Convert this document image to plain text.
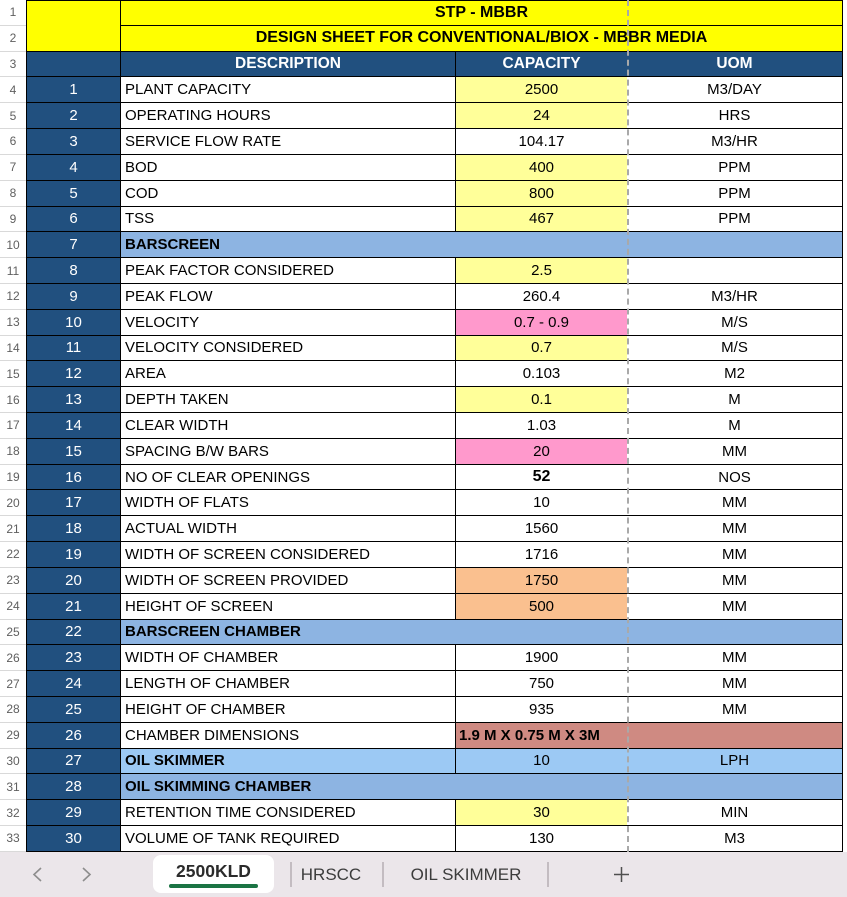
1	STP - MBBR
2	DESIGN SHEET FOR CONVENTIONAL/BIOX - MBBR MEDIA
3	DESCRIPTION	CAPACITY	UOM
4	1	PLANT CAPACITY	2500	M3/DAY
5	2	OPERATING HOURS	24	HRS
6	3	SERVICE FLOW RATE	104.17	M3/HR
7	4	BOD	400	PPM
8	5	COD	800	PPM
9	6	TSS	467	PPM
10	7	BARSCREEN
11	8	PEAK FACTOR CONSIDERED	2.5
12	9	PEAK FLOW	260.4	M3/HR
13	10	VELOCITY	0.7 - 0.9	M/S
14	11	VELOCITY CONSIDERED	0.7	M/S
15	12	AREA	0.103	M2
16	13	DEPTH TAKEN	0.1	M
17	14	CLEAR WIDTH	1.03	M
18	15	SPACING B/W BARS	20	MM
19	16	NO OF CLEAR OPENINGS	52	NOS
20	17	WIDTH OF FLATS	10	MM
21	18	ACTUAL WIDTH	1560	MM
22	19	WIDTH OF SCREEN CONSIDERED	1716	MM
23	20	WIDTH OF SCREEN PROVIDED	1750	MM
24	21	HEIGHT OF SCREEN	500	MM
25	22	BARSCREEN CHAMBER
26	23	WIDTH OF CHAMBER	1900	MM
27	24	LENGTH OF CHAMBER	750	MM
28	25	HEIGHT OF CHAMBER	935	MM
29	26	CHAMBER DIMENSIONS	1.9 M X 0.75 M X 3M
30	27	OIL SKIMMER	10	LPH
31	28	OIL SKIMMING CHAMBER
32	29	RETENTION TIME CONSIDERED	30	MIN
33	30	VOLUME OF TANK REQUIRED	130	M3
2500KLD	HRSCC	OIL SKIMMER
